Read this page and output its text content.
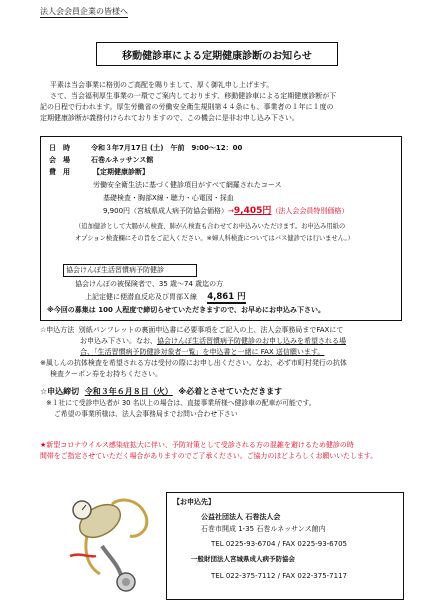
法人会会員企業の皆様へ
移動健診車による定期健康診断のお知らせ

平素は当会事業に格別のご高配を賜りまして、厚く御礼申し上げます。

さて、当会福利厚生事業の一環でご案内しております、移動健診車による定期健康診断が下

記の日程で行われます。厚生労働省の労働安全衛生規則第４４条にも、事業者の１年に１度の
定期健康診断が義務付けられておりますので、この機会に是非お申し込み下さい。
日　時	令和３年7月17日 (土)　午前　9:00～12：00
会　場	石巻ルネッサンス館
費　用	【定期健康診断】
労働安全衛生法に基づく健診項目がすべて網羅されたコース
基礎検査・胸部X線・聴力・心電図・採血
9,900円（宮城県成人病予防協会価格）→9,405円（法人会会員特別価格）
（追加健診として大腸がん検査、肺がん検査も合わせてお申込みいただけます。お申込み用紙の
オプション検査欄にその旨をご記入ください。※婦人科検査についてはバス健診では行いません。）
協会けんぽ生活習慣病予防健診
協会けんぽの被保険者で、35 歳～74 歳迄の方
上記定健に便潜血反応及び胃部Ｘ線 4,861 円
※今回の募集は 100 人程度で締切らせていただきますので、お早めにお申込み下さい。
☆申込方法 別紙パンフレットの裏面申込書に必要事項をご記入の上、法人会事務局までFAXにて
お申込み下さい。なお、協会けんぽ生活習慣病予防健診のお申し込みを希望される場
合、「生活習慣病予防健診対象者一覧」を申込書と一緒に FAX 送信願います。
※風しんの抗体検査を希望される方は受付の際にお申し出ください。なお、必ず市町村発行の抗体
検査クーポン券をお持ちください。
☆申込締切 令和３年６月８日（火） ※必着とさせていただきます
※１社にて受診申込者が 30 名以上の場合は、直接事業所様へ健診車の配車が可能です。
ご希望の事業所様は、法人会事務局までお問い合わせ下さい
★新型コロナウイルス感染症拡大に伴い、予防対策として受診される方の混雑を避けるため健診の時
間帯をご指定させていただく場合がありますのでご了承ください。ご協力のほどよろしくお願いいたします。
【お申込先】
公益社団法人 石巻法人会
石巻市開成 1-35 石巻ルネッサンス館内
TEL 0225-93-6704 / FAX 0225-93-6705
一般財団法人宮城県成人病予防協会
TEL 022-375-7112 / FAX 022-375-7117
